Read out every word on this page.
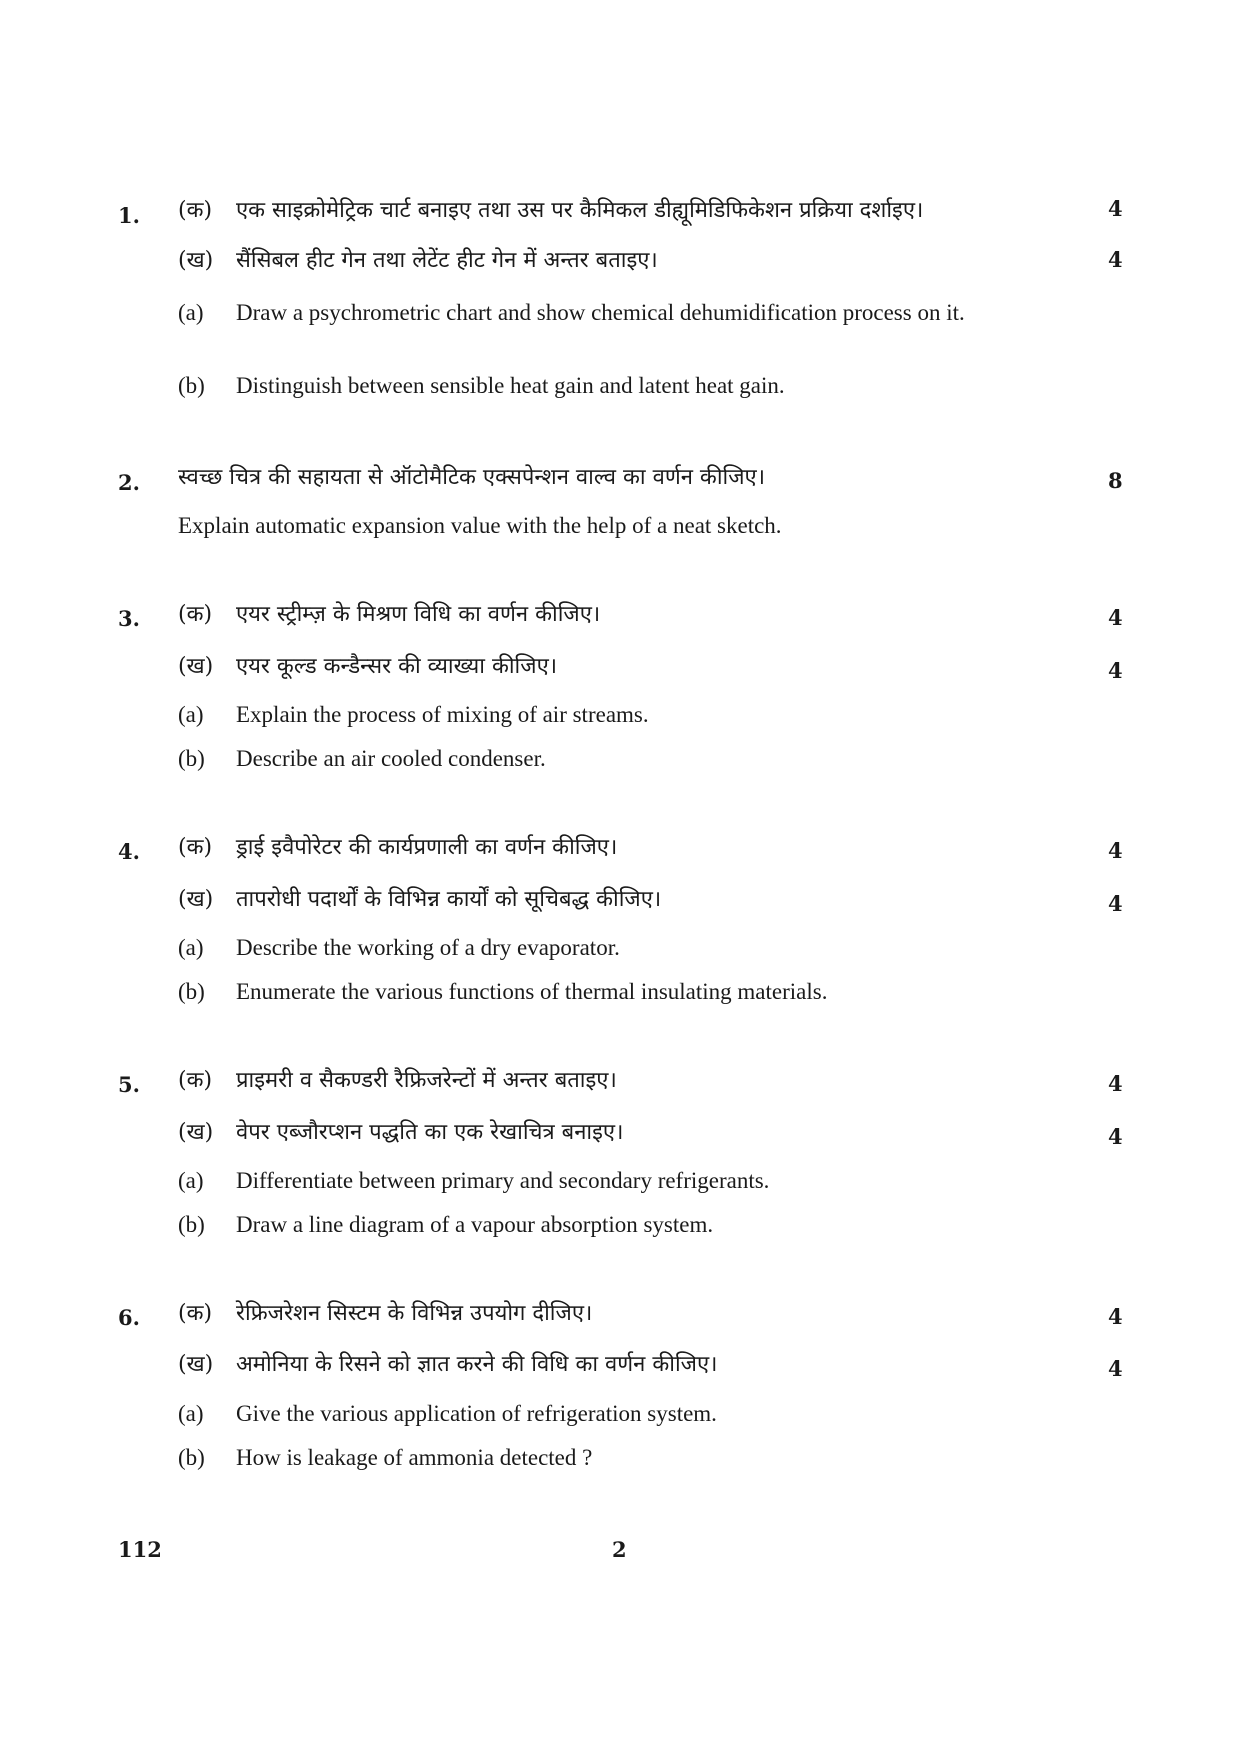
1. (क) एक साइक्रोमेट्रिक चार्ट बनाइए तथा उस पर कैमिकल डीह्यूमिडिफिकेशन प्रक्रिया दर्शाइए।	4
(ख) सैंसिबल हीट गेन तथा लेटेंट हीट गेन में अन्तर बताइए।	4
(a) Draw a psychrometric chart and show chemical dehumidification process on it.
(b) Distinguish between sensible heat gain and latent heat gain.
2. स्वच्छ चित्र की सहायता से ऑटोमैटिक एक्सपेन्शन वाल्व का वर्णन कीजिए।	8
Explain automatic expansion value with the help of a neat sketch.
3. (क) एयर स्ट्रीम्ज़ के मिश्रण विधि का वर्णन कीजिए।	4
(ख) एयर कूल्ड कन्डैन्सर की व्याख्या कीजिए।	4
(a) Explain the process of mixing of air streams.
(b) Describe an air cooled condenser.
4. (क) ड्राई इवैपोरेटर की कार्यप्रणाली का वर्णन कीजिए।	4
(ख) तापरोधी पदार्थों के विभिन्न कार्यों को सूचिबद्ध कीजिए।	4
(a) Describe the working of a dry evaporator.
(b) Enumerate the various functions of thermal insulating materials.
5. (क) प्राइमरी व सैकण्डरी रैफ्रिजरेन्टों में अन्तर बताइए।	4
(ख) वेपर एब्जौरप्शन पद्धति का एक रेखाचित्र बनाइए।	4
(a) Differentiate between primary and secondary refrigerants.
(b) Draw a line diagram of a vapour absorption system.
6. (क) रेफ्रिजरेशन सिस्टम के विभिन्न उपयोग दीजिए।	4
(ख) अमोनिया के रिसने को ज्ञात करने की विधि का वर्णन कीजिए।	4
(a) Give the various application of refrigeration system.
(b) How is leakage of ammonia detected ?
112	2
